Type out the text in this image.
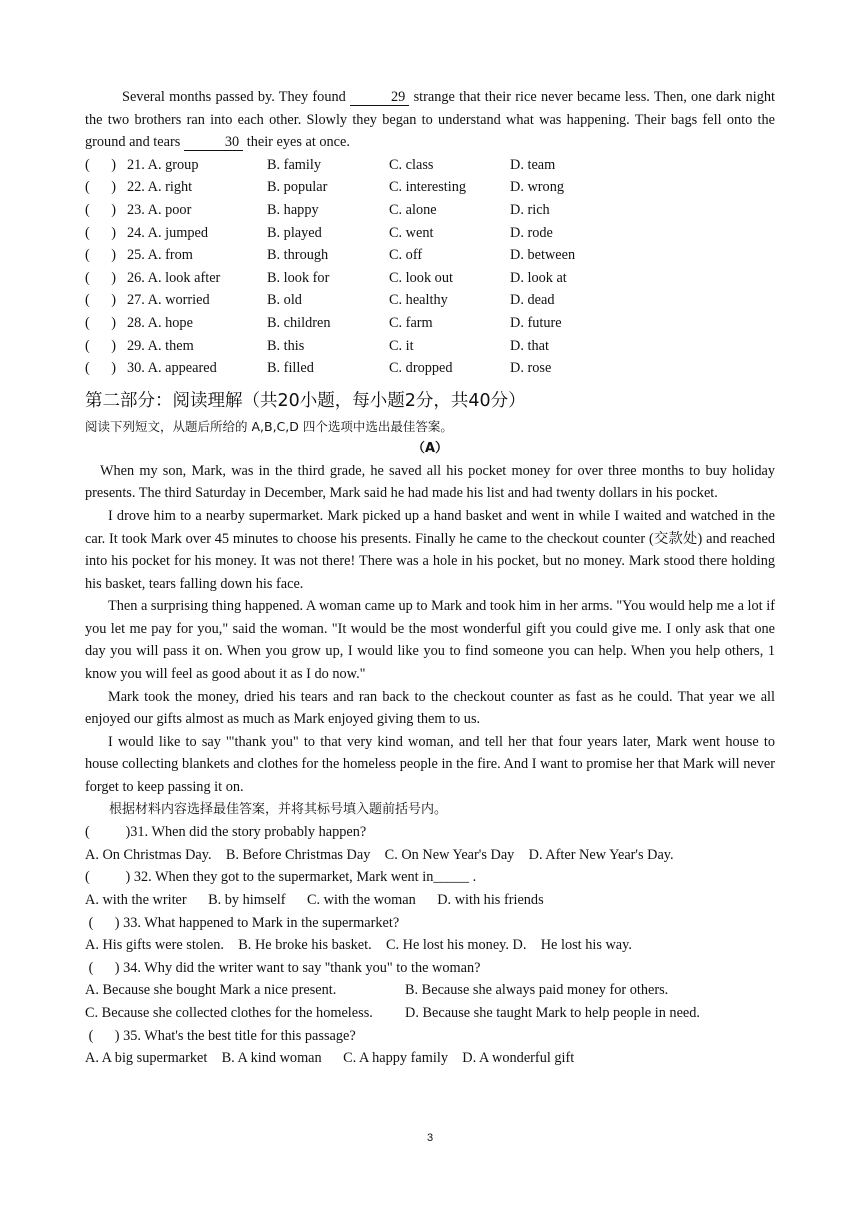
Several months passed by. They found	29 strange that their rice never became less. Then, one dark night the two brothers ran into each other. Slowly they began to understand what was happening. Their bags fell onto the ground and tears	30 their eyes at once.

(      ) 21. A. group	B. family	C. class	D. team
(      ) 22. A. right	B. popular	C. interesting	D. wrong
(      ) 23. A. poor	B. happy	C. alone	D. rich
(      ) 24. A. jumped	B. played	C. went	D. rode
(      ) 25. A. from	B. through	C. off	D. between
(      ) 26. A. look after	B. look for	C. look out	D. look at
(      ) 27. A. worried	B. old	C. healthy	D. dead
(      ) 28. A. hope	B. children	C. farm	D. future
(      ) 29. A. them	B. this	C. it	D. that
(      ) 30. A. appeared	B. filled	C. dropped	D. rose
第二部分：阅读理解（共20小题，每小题2分，共40分）
阅读下列短文，从题后所给的 A,B,C,D 四个选项中选出最佳答案。
（A）

When my son, Mark, was in the third grade, he saved all his pocket money for over three months to buy holiday presents. The third Saturday in December, Mark said he had made his list and had twenty dollars in his pocket.

I drove him to a nearby supermarket. Mark picked up a hand basket and went in while I waited and watched in the car. It took Mark over 45 minutes to choose his presents. Finally he came to the checkout counter (交款处) and reached into his pocket for his money. It was not there! There was a hole in his pocket, but no money. Mark stood there holding his basket, tears falling down his face.

Then a surprising thing happened. A woman came up to Mark and took him in her arms. "You would help me a lot if you let me pay for you," said the woman. "It would be the most wonderful gift you could give me. I only ask that one day you will pass it on. When you grow up, I would like you to find someone you can help. When you help others, 1 know you will feel as good about it as I do now."

Mark took the money, dried his tears and ran back to the checkout counter as fast as he could. That year we all enjoyed our gifts almost as much as Mark enjoyed giving them to us.

I would like to say '"thank you" to that very kind woman, and tell her that four years later, Mark went house to house collecting blankets and clothes for the homeless people in the fire. And I want to promise her that Mark will never forget to keep passing it on.

根据材料内容选择最佳答案，并将其标号填入题前括号内。
(          )31. When did the story probably happen?
A. On Christmas Day.    B. Before Christmas Day    C. On New Year's Day    D. After New Year's Day.
(          ) 32. When they got to the supermarket, Mark went in_____ .
A. with the writer      B. by himself      C. with the woman      D. with his friends
(      ) 33. What happened to Mark in the supermarket?
A. His gifts were stolen.    B. He broke his basket.    C. He lost his money. D.    He lost his way.
(      ) 34. Why did the writer want to say ''thank you" to the woman?
A. Because she bought Mark a nice present.	B. Because she always paid money for others.
C. Because she collected clothes for the homeless.	D. Because she taught Mark to help people in need.
(      ) 35. What's the best title for this passage?
A. A big supermarket    B. A kind woman      C. A happy family    D. A wonderful gift
3
